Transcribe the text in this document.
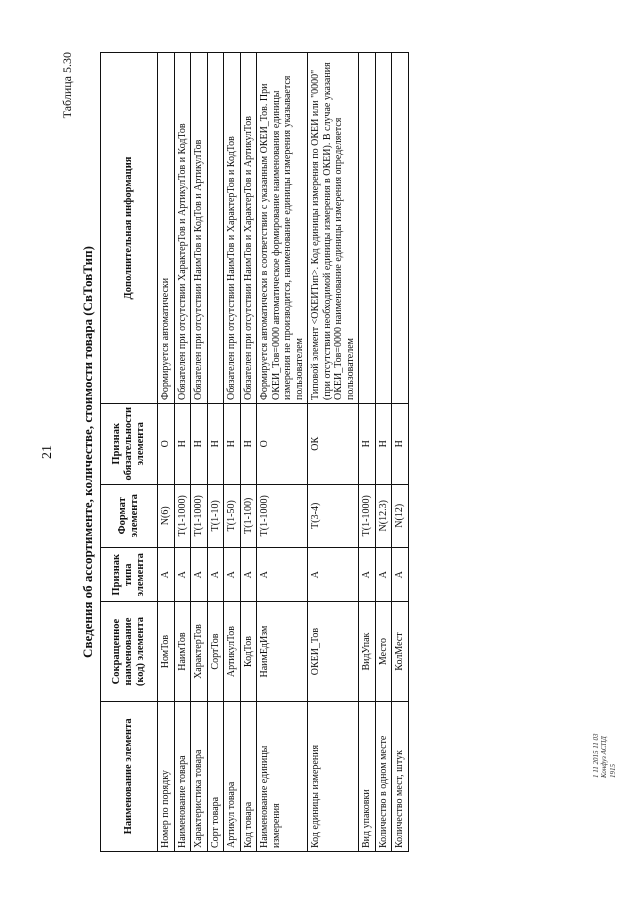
21
Таблица 5.30
Сведения об ассортименте, количестве, стоимости товара (СвТовТип)
Наименование элемента	Сокращенное наименование (код) элемента	Признак типа элемента	Формат элемента	Признак обязательности элемента	Дополнительная информация
Номер по порядку	НомТов	А	N(6)	О	Формируется автоматически
Наименование товара	НаимТов	А	T(1-1000)	Н	Обязателен при отсутствии ХарактерТов и АртикулТов и КодТов
Характеристика товара	ХарактерТов	А	T(1-1000)	Н	Обязателен при отсутствии НаимТов и КодТов и АртикулТов
Сорт товара	СортТов	А	T(1-10)	Н	
Артикул товара	АртикулТов	А	T(1-50)	Н	Обязателен при отсутствии НаимТов и ХарактерТов и КодТов
Код товара	КодТов	А	T(1-100)	Н	Обязателен при отсутствии НаимТов и ХарактерТов и АртикулТов
Наименование единицы измерения	НаимЕдИзм	А	T(1-1000)	О	Формируется автоматически в соответствии с указанным ОКЕИ_Тов. При ОКЕИ_Тов=0000 автоматическое формирование наименования единицы измерения не производится, наименование единицы измерения указывается пользователем
Код единицы измерения	ОКЕИ_Тов	А	T(3-4)	ОК	Типовой элемент <ОКЕИТип>. Код единицы измерения по ОКЕИ или "0000" (при отсутствии необходимой единицы измерения в ОКЕИ). В случае указания ОКЕИ_Тов=0000 наименование единицы измерения определяется пользователем
Вид упаковки	ВидУпак	А	T(1-1000)	Н	
Количество в одном месте	Место	А	N(12.3)	Н	
Количество мест, штук	КолМест	А	N(12)	Н	
1 11 2015 11 03 Конфуз АСПД 1915
